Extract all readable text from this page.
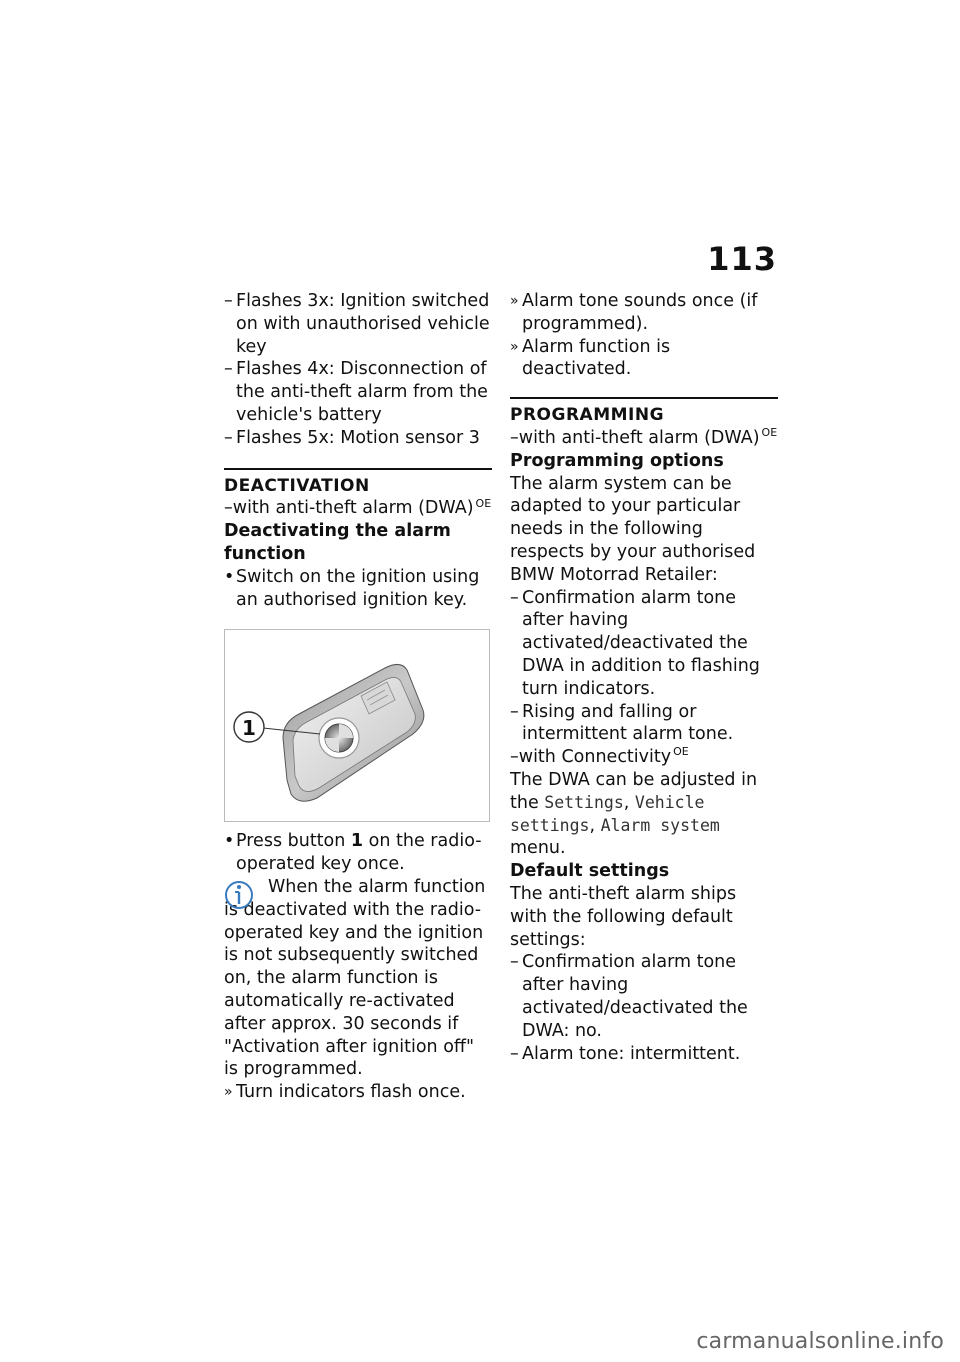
113

– Flashes 3x: Ignition switched on with unauthorised vehicle key

– Flashes 4x: Disconnection of the anti-theft alarm from the vehicle's battery

– Flashes 5x: Motion sensor 3

DEACTIVATION

–with anti-theft alarm (DWA) $^{OE}$

Deactivating the alarm function

• Switch on the ignition using an authorised ignition key.

1

• Press button 1 on the radio-operated key once.

When the alarm function is deactivated with the radio-operated key and the ignition is not subsequently switched on, the alarm function is automatically re-activated after approx. 30 seconds if "Activation after ignition off" is programmed.

» Turn indicators flash once.

» Alarm tone sounds once (if programmed).

» Alarm function is deactivated.

PROGRAMMING

–with anti-theft alarm (DWA) $^{OE}$

Programming options

The alarm system can be adapted to your particular needs in the following respects by your authorised BMW Motorrad Retailer:

– Confirmation alarm tone after having activated/deactivated the DWA in addition to flashing turn indicators.

– Rising and falling or intermittent alarm tone.

–with Connectivity $^{OE}$

The DWA can be adjusted in the Settings, Vehicle settings, Alarm system menu.

Default settings

The anti-theft alarm ships with the following default settings:

– Confirmation alarm tone after having activated/deactivated the DWA: no.

– Alarm tone: intermittent.

carmanualsonline.info
